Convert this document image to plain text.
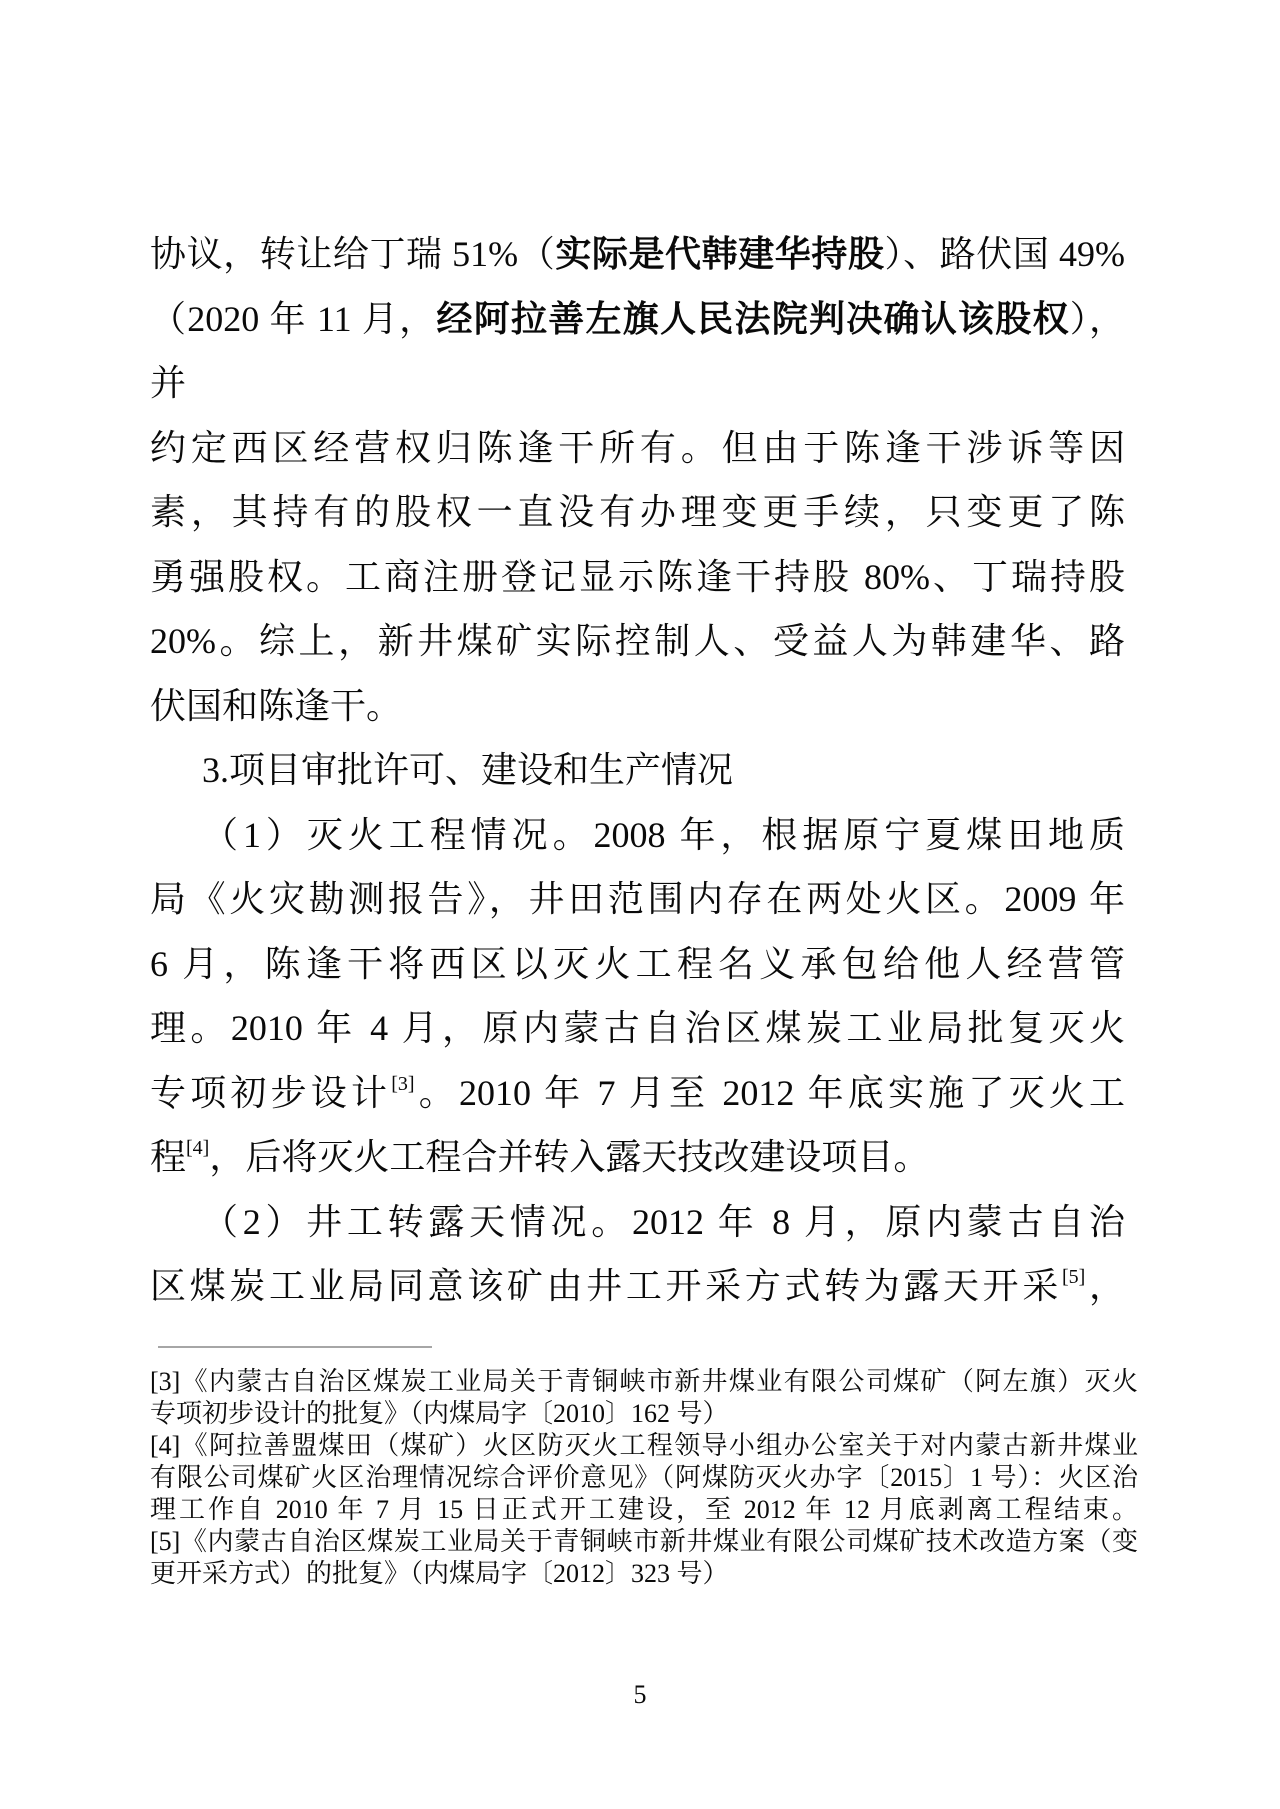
协议，转让给丁瑞 51%（实际是代韩建华持股）、路伏国 49%
（2020 年 11 月，经阿拉善左旗人民法院判决确认该股权），并
约定西区经营权归陈逢干所有。但由于陈逢干涉诉等因
素，其持有的股权一直没有办理变更手续，只变更了陈
勇强股权。工商注册登记显示陈逢干持股 80%、丁瑞持股
20%。综上，新井煤矿实际控制人、受益人为韩建华、路
伏国和陈逢干。
3.项目审批许可、建设和生产情况
（1）灭火工程情况。2008 年，根据原宁夏煤田地质
局《火灾勘测报告》，井田范围内存在两处火区。2009 年
6 月，陈逢干将西区以灭火工程名义承包给他人经营管
理。2010 年 4 月，原内蒙古自治区煤炭工业局批复灭火
专项初步设计[3]。2010 年 7 月至 2012 年底实施了灭火工
程[4]，后将灭火工程合并转入露天技改建设项目。
（2）井工转露天情况。2012 年 8 月，原内蒙古自治
区煤炭工业局同意该矿由井工开采方式转为露天开采[5]，
[3]《内蒙古自治区煤炭工业局关于青铜峡市新井煤业有限公司煤矿（阿左旗）灭火
专项初步设计的批复》（内煤局字〔2010〕162 号）
[4]《阿拉善盟煤田（煤矿）火区防灭火工程领导小组办公室关于对内蒙古新井煤业
有限公司煤矿火区治理情况综合评价意见》（阿煤防灭火办字〔2015〕1 号）：火区治
理工作自 2010 年 7 月 15 日正式开工建设，至 2012 年 12 月底剥离工程结束。
[5]《内蒙古自治区煤炭工业局关于青铜峡市新井煤业有限公司煤矿技术改造方案（变
更开采方式）的批复》（内煤局字〔2012〕323 号）
5
